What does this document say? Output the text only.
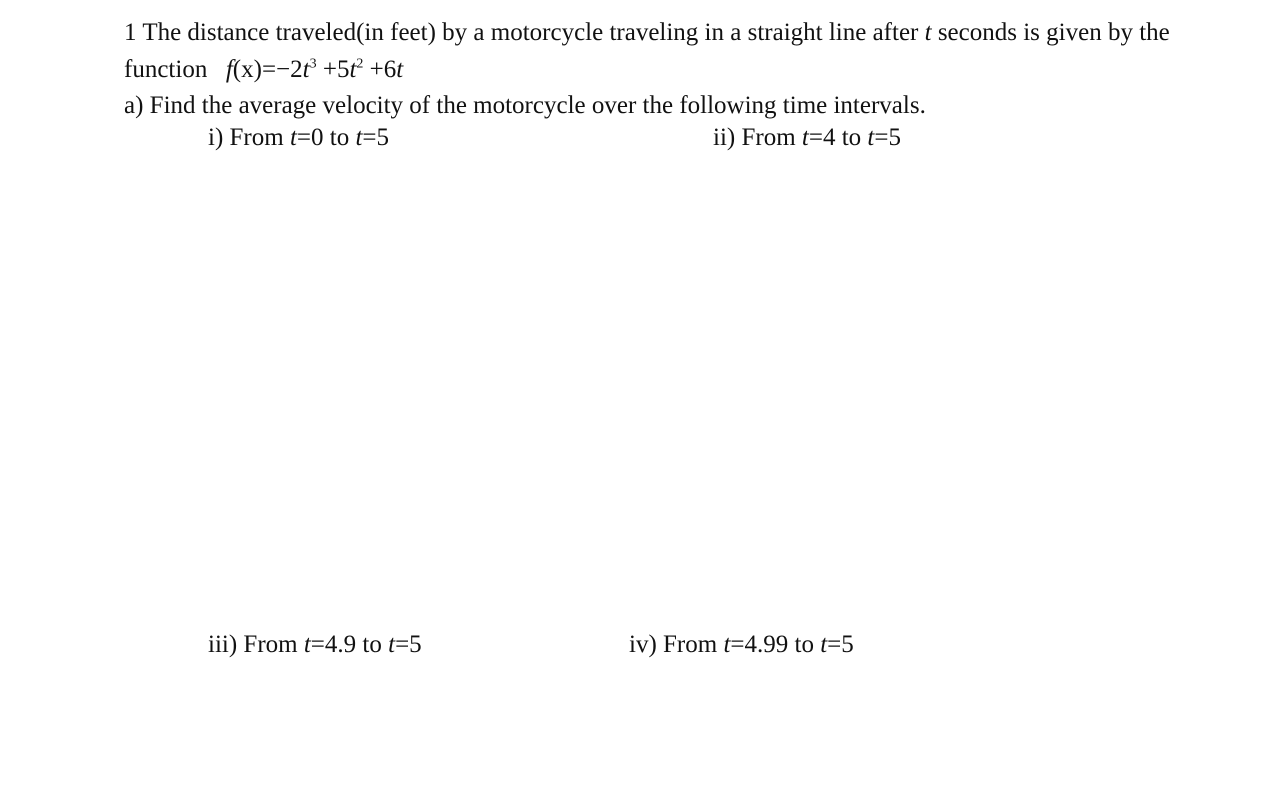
1 The distance traveled(in feet) by a motorcycle traveling in a straight line after t seconds is given by the
function $f(x)=-2t^3 +5t^2 +6t$
a) Find the average velocity of the motorcycle over the following time intervals.
i) From t=0 to t=5	ii) From t=4 to t=5
iii) From t=4.9 to t=5	iv) From t=4.99 to t=5
